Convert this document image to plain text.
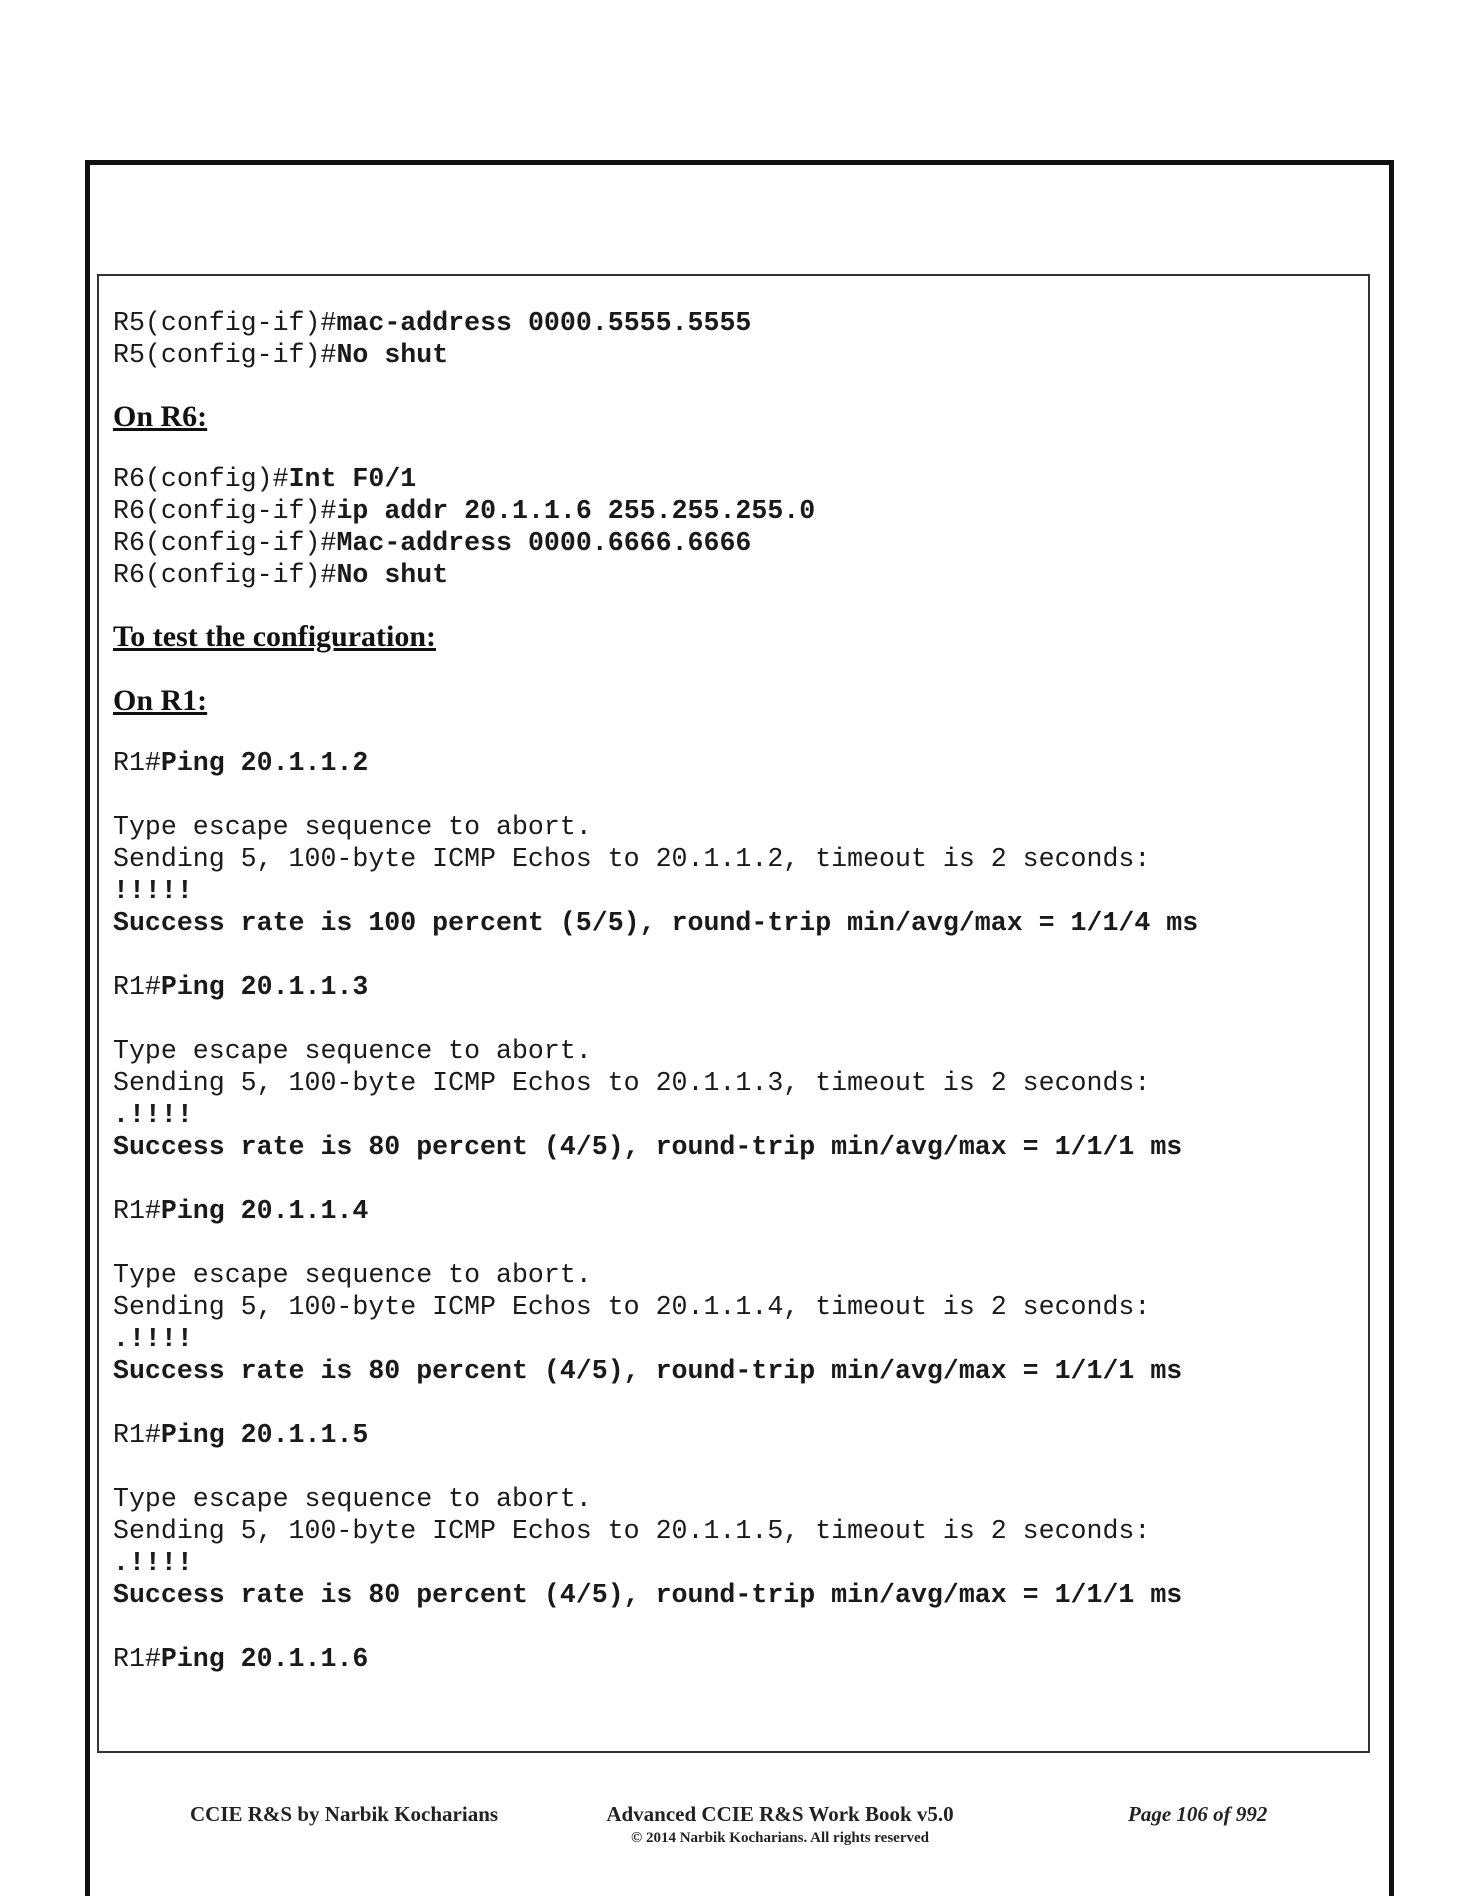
R5(config-if)#mac-address 0000.5555.5555

R5(config-if)#No shut

On R6:

R6(config)#Int F0/1

R6(config-if)#ip addr 20.1.1.6 255.255.255.0

R6(config-if)#Mac-address 0000.6666.6666

R6(config-if)#No shut

To test the configuration:

On R1:

R1#Ping 20.1.1.2

Type escape sequence to abort.

Sending 5, 100-byte ICMP Echos to 20.1.1.2, timeout is 2 seconds:

!!!!!

Success rate is 100 percent (5/5), round-trip min/avg/max = 1/1/4 ms

R1#Ping 20.1.1.3

Type escape sequence to abort.

Sending 5, 100-byte ICMP Echos to 20.1.1.3, timeout is 2 seconds:

.!!!!

Success rate is 80 percent (4/5), round-trip min/avg/max = 1/1/1 ms

R1#Ping 20.1.1.4

Type escape sequence to abort.

Sending 5, 100-byte ICMP Echos to 20.1.1.4, timeout is 2 seconds:

.!!!!

Success rate is 80 percent (4/5), round-trip min/avg/max = 1/1/1 ms

R1#Ping 20.1.1.5

Type escape sequence to abort.

Sending 5, 100-byte ICMP Echos to 20.1.1.5, timeout is 2 seconds:

.!!!!

Success rate is 80 percent (4/5), round-trip min/avg/max = 1/1/1 ms

R1#Ping 20.1.1.6

CCIE R&S by Narbik Kocharians	Advanced CCIE R&S Work Book v5.0
© 2014 Narbik Kocharians. All rights reserved
Page 106 of 992
